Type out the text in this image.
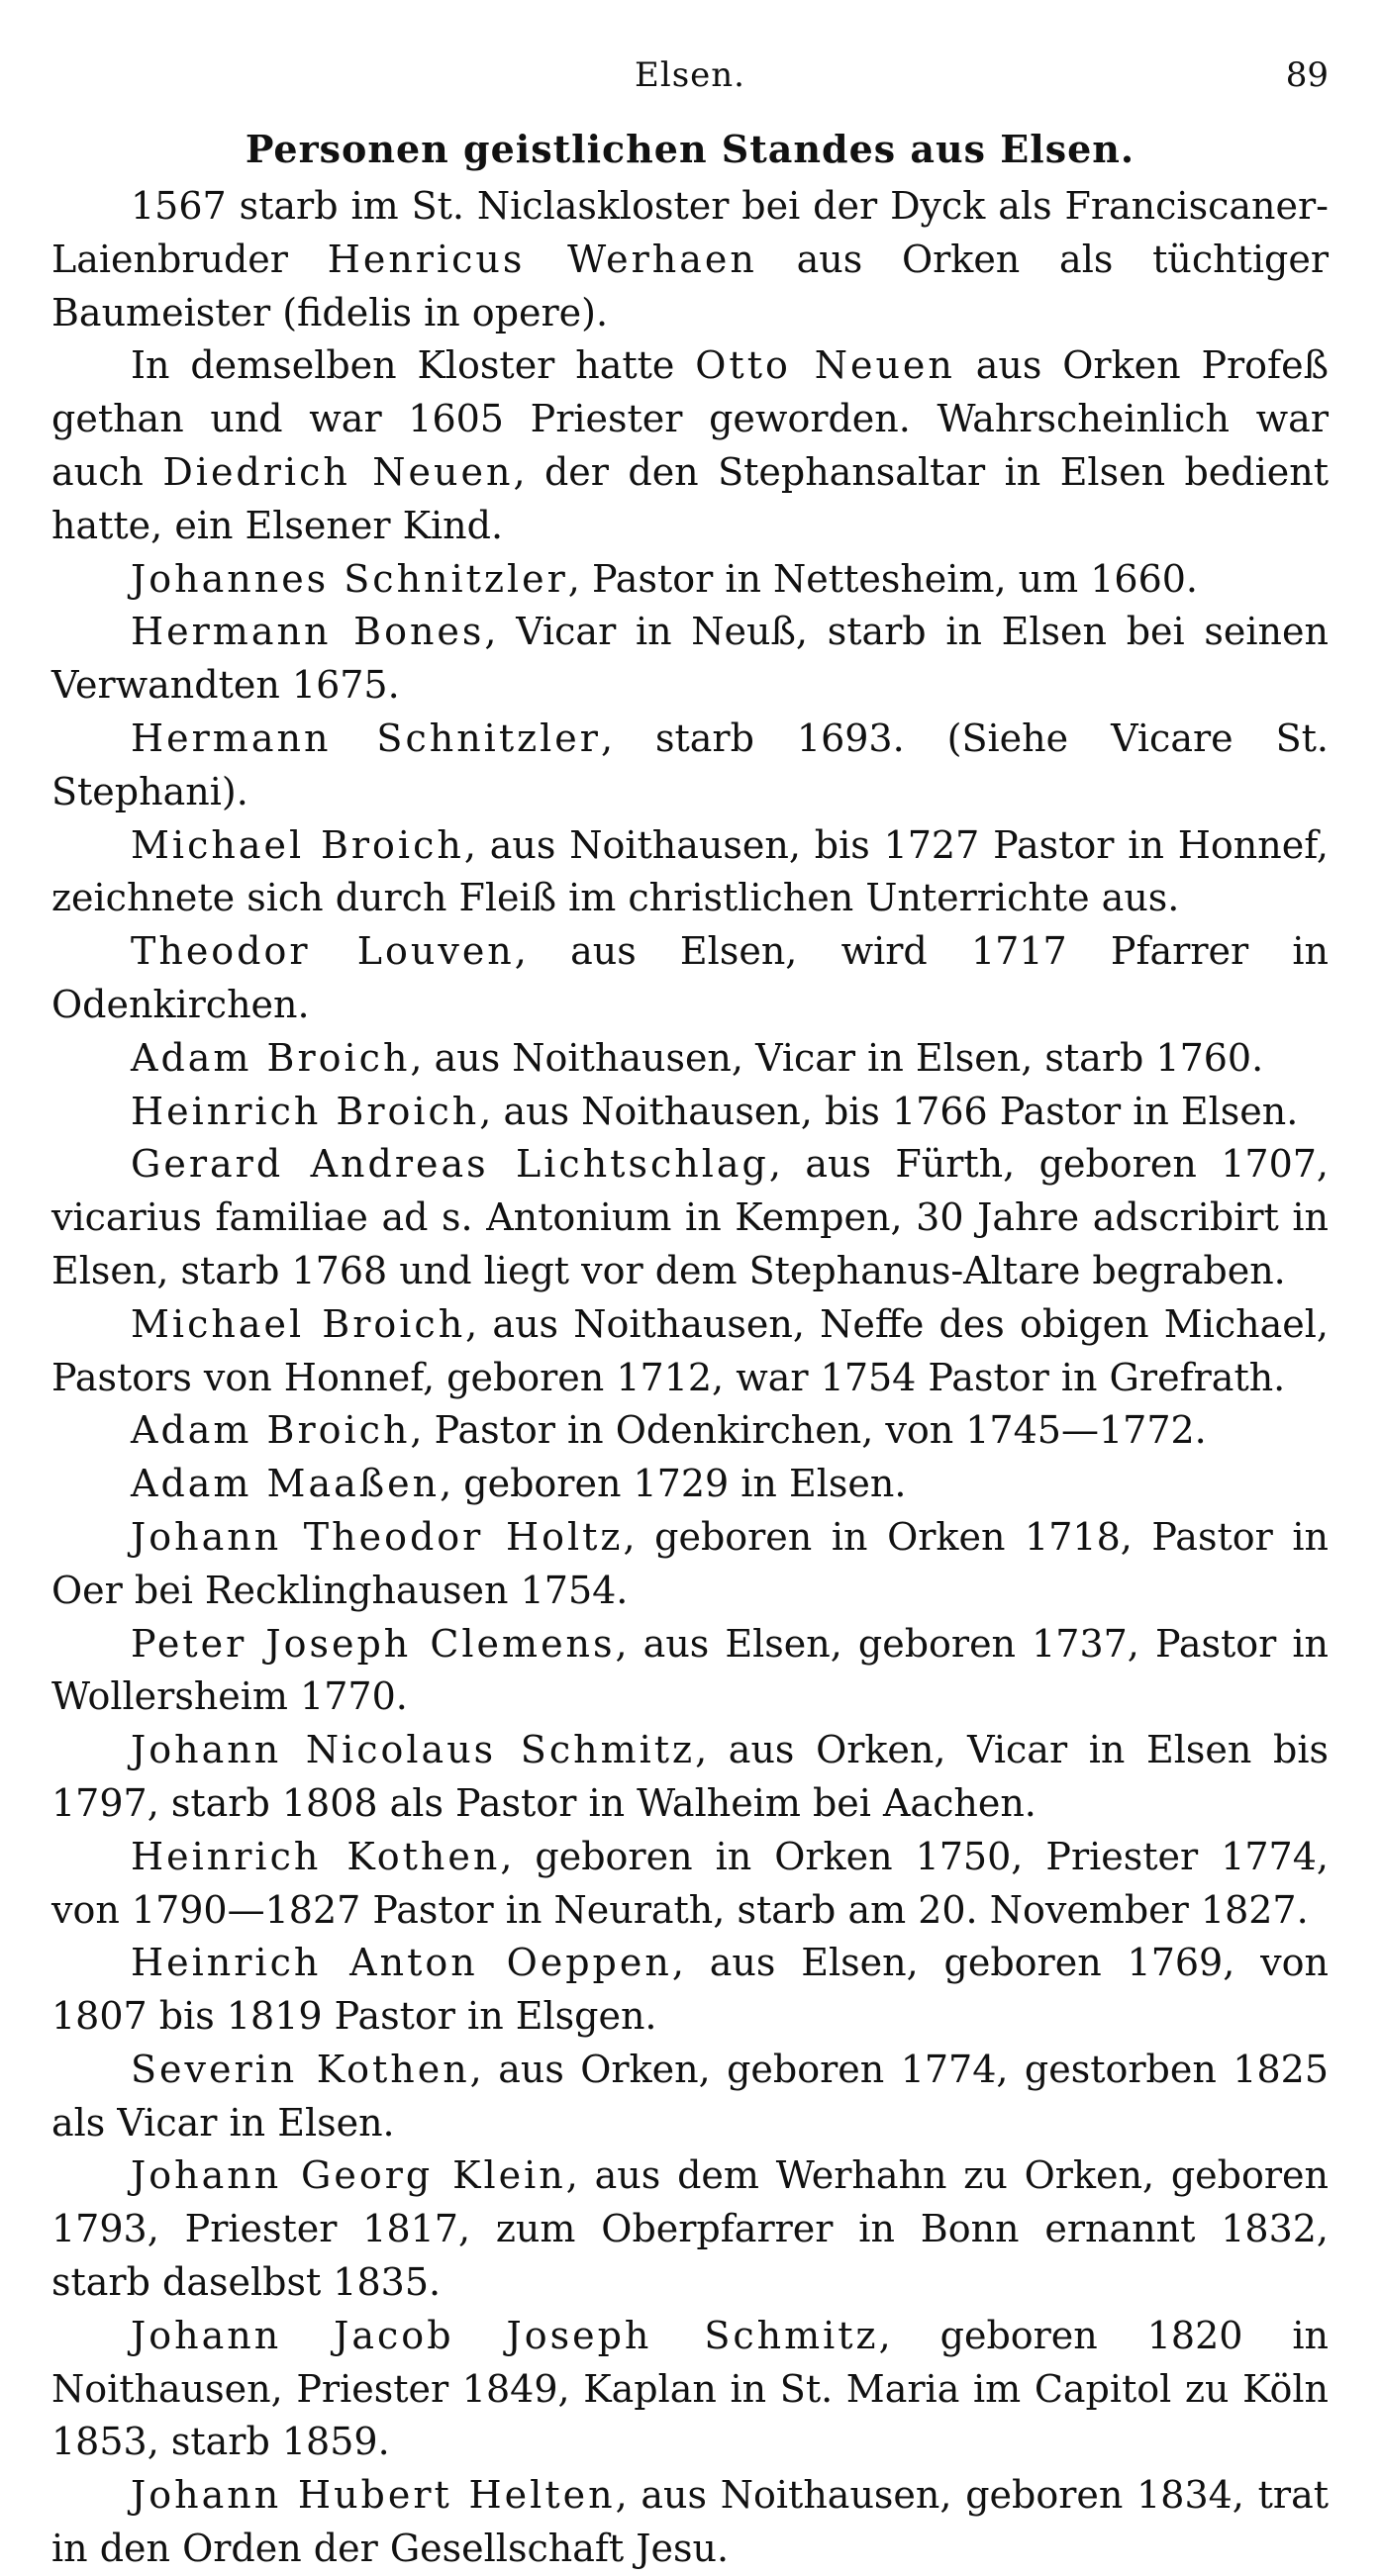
Elsen.	89
Personen geistlichen Standes aus Elsen.

1567 starb im St. Niclaskloster bei der Dyck als Franciscaner-Laienbruder Henricus Werhaen aus Orken als tüchtiger Baumeister (fidelis in opere).

In demselben Kloster hatte Otto Neuen aus Orken Profeß gethan und war 1605 Priester geworden. Wahrscheinlich war auch Diedrich Neuen, der den Stephansaltar in Elsen bedient hatte, ein Elsener Kind.

Johannes Schnitzler, Pastor in Nettesheim, um 1660.

Hermann Bones, Vicar in Neuß, starb in Elsen bei seinen Verwandten 1675.

Hermann Schnitzler, starb 1693. (Siehe Vicare St. Stephani).

Michael Broich, aus Noithausen, bis 1727 Pastor in Honnef, zeichnete sich durch Fleiß im christlichen Unterrichte aus.

Theodor Louven, aus Elsen, wird 1717 Pfarrer in Odenkirchen.

Adam Broich, aus Noithausen, Vicar in Elsen, starb 1760.

Heinrich Broich, aus Noithausen, bis 1766 Pastor in Elsen.

Gerard Andreas Lichtschlag, aus Fürth, geboren 1707, vicarius familiae ad s. Antonium in Kempen, 30 Jahre adscribirt in Elsen, starb 1768 und liegt vor dem Stephanus-Altare begraben.

Michael Broich, aus Noithausen, Neffe des obigen Michael, Pastors von Honnef, geboren 1712, war 1754 Pastor in Grefrath.

Adam Broich, Pastor in Odenkirchen, von 1745—1772.

Adam Maaßen, geboren 1729 in Elsen.

Johann Theodor Holtz, geboren in Orken 1718, Pastor in Oer bei Recklinghausen 1754.

Peter Joseph Clemens, aus Elsen, geboren 1737, Pastor in Wollersheim 1770.

Johann Nicolaus Schmitz, aus Orken, Vicar in Elsen bis 1797, starb 1808 als Pastor in Walheim bei Aachen.

Heinrich Kothen, geboren in Orken 1750, Priester 1774, von 1790—1827 Pastor in Neurath, starb am 20. November 1827.

Heinrich Anton Oeppen, aus Elsen, geboren 1769, von 1807 bis 1819 Pastor in Elsgen.

Severin Kothen, aus Orken, geboren 1774, gestorben 1825 als Vicar in Elsen.

Johann Georg Klein, aus dem Werhahn zu Orken, geboren 1793, Priester 1817, zum Oberpfarrer in Bonn ernannt 1832, starb daselbst 1835.

Johann Jacob Joseph Schmitz, geboren 1820 in Noithausen, Priester 1849, Kaplan in St. Maria im Capitol zu Köln 1853, starb 1859.

Johann Hubert Helten, aus Noithausen, geboren 1834, trat in den Orden der Gesellschaft Jesu.
